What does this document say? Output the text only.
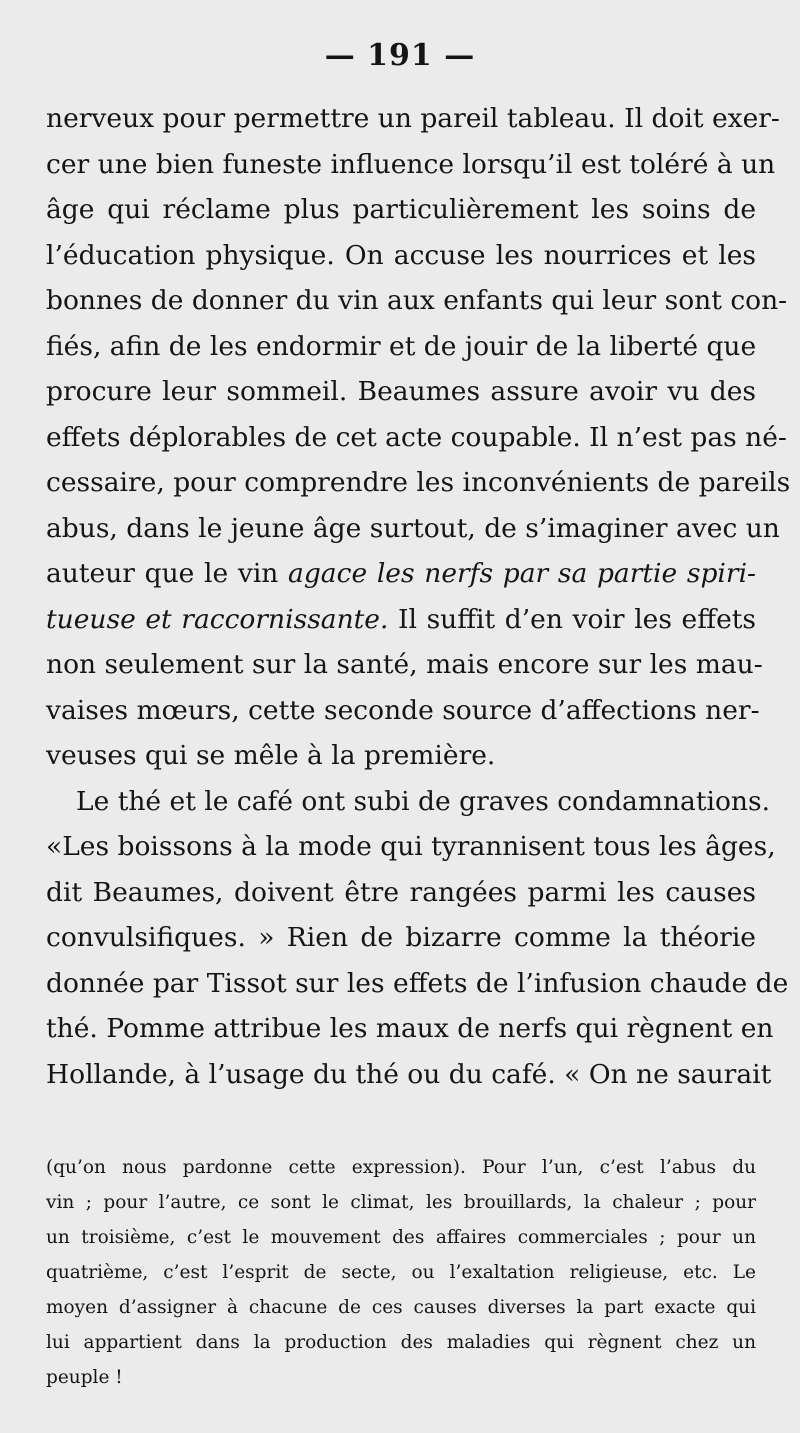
— 191 —
nerveux pour permettre un pareil tableau. Il doit exer-
cer une bien funeste influence lorsqu’il est toléré à un
âge qui réclame plus particulièrement les soins de
l’éducation physique. On accuse les nourrices et les
bonnes de donner du vin aux enfants qui leur sont con-
fiés, afin de les endormir et de jouir de la liberté que
procure leur sommeil. Beaumes assure avoir vu des
effets déplorables de cet acte coupable. Il n’est pas né-
cessaire, pour comprendre les inconvénients de pareils
abus, dans le jeune âge surtout, de s’imaginer avec un
auteur que le vin agace les nerfs par sa partie spiri-
tueuse et raccornissante. Il suffit d’en voir les effets
non seulement sur la santé, mais encore sur les mau-
vaises mœurs, cette seconde source d’affections ner-
veuses qui se mêle à la première.
Le thé et le café ont subi de graves condamnations.
«Les boissons à la mode qui tyrannisent tous les âges,
dit Beaumes, doivent être rangées parmi les causes
convulsifiques. » Rien de bizarre comme la théorie
donnée par Tissot sur les effets de l’infusion chaude de
thé. Pomme attribue les maux de nerfs qui règnent en
Hollande, à l’usage du thé ou du café. « On ne saurait
(qu’on nous pardonne cette expression). Pour l’un, c’est l’abus du
vin ; pour l’autre, ce sont le climat, les brouillards, la chaleur ; pour
un troisième, c’est le mouvement des affaires commerciales ; pour un
quatrième, c’est l’esprit de secte, ou l’exaltation religieuse, etc. Le
moyen d’assigner à chacune de ces causes diverses la part exacte qui
lui appartient dans la production des maladies qui règnent chez un
peuple !
